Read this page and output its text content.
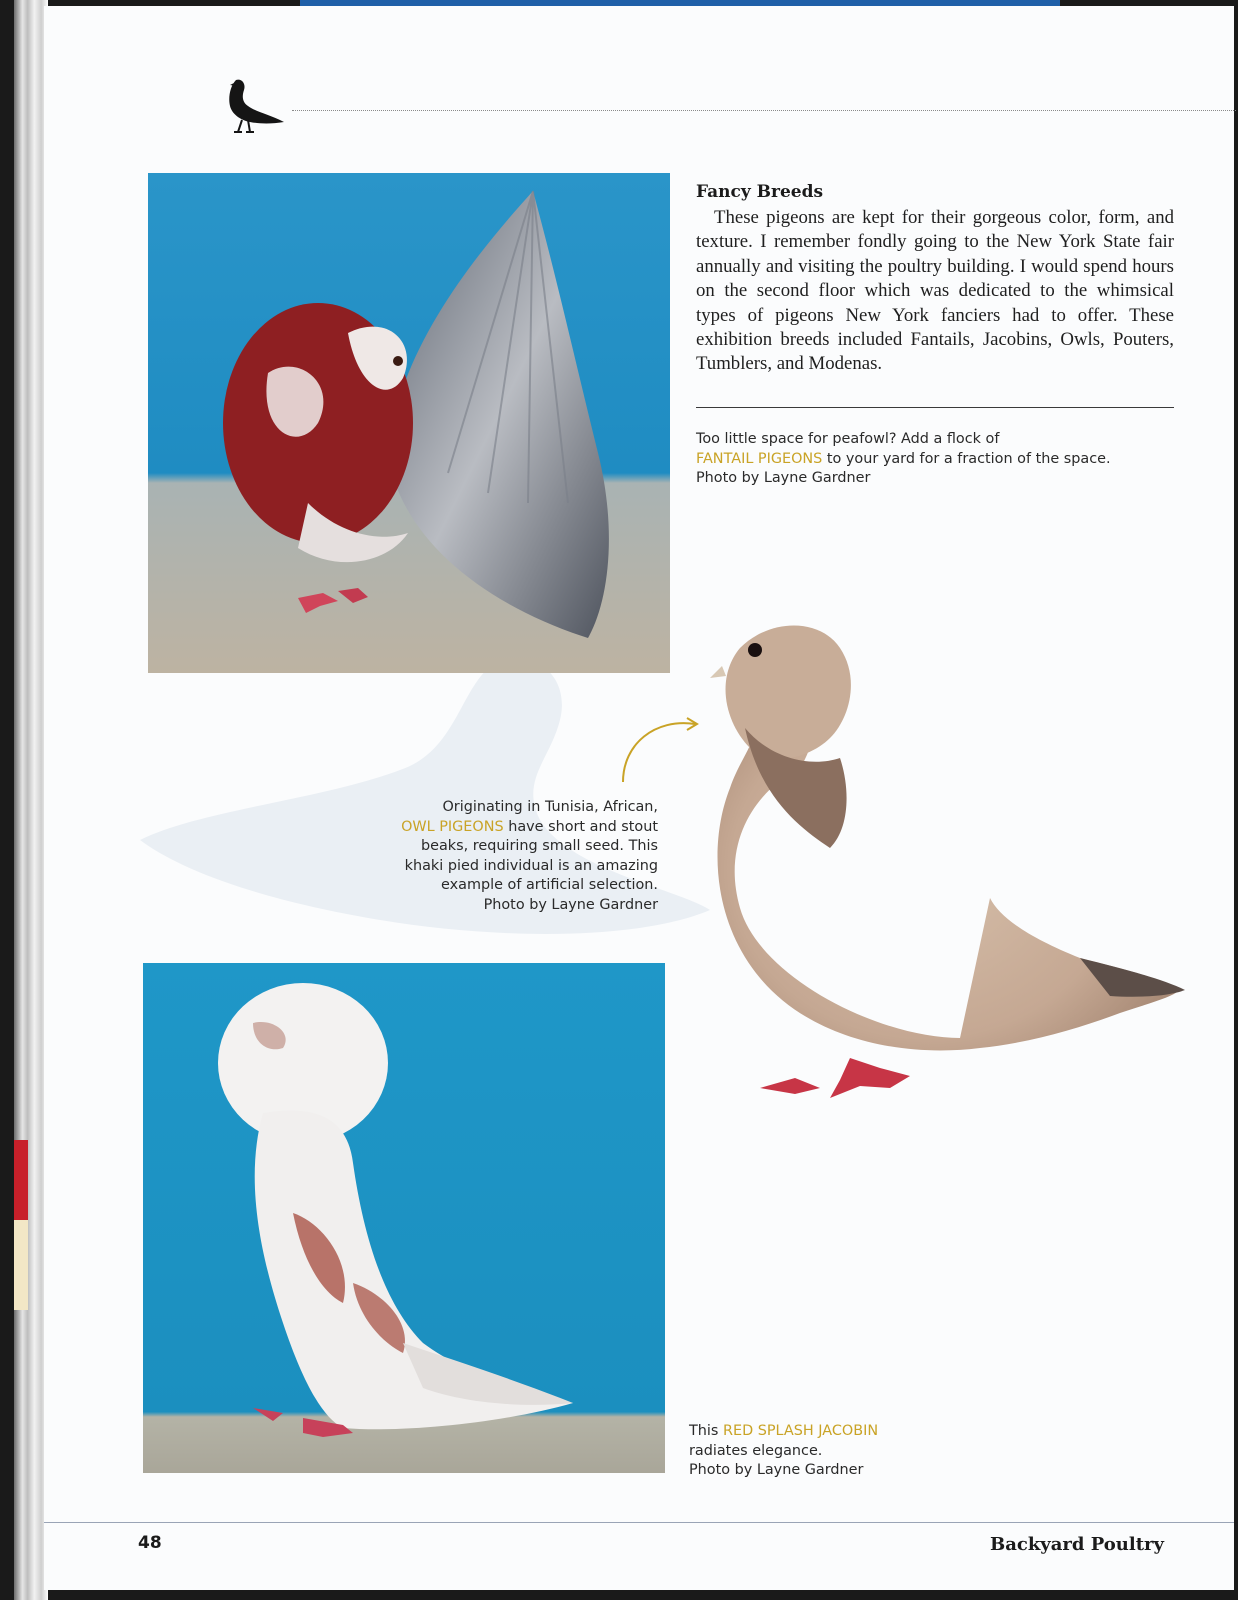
Fancy Breeds

These pigeons are kept for their gorgeous color, form, and texture. I remember fondly going to the New York State fair annually and visiting the poultry building. I would spend hours on the second floor which was dedicated to the whimsical types of pigeons New York fanciers had to offer. These exhibition breeds included Fantails, Jacobins, Owls, Pouters, Tumblers, and Modenas.

Too little space for peafowl? Add a flock of
FANTAIL PIGEONS to your yard for a fraction of the space.
Photo by Layne Gardner
Originating in Tunisia, African,
OWL PIGEONS have short and stout beaks, requiring small seed. This khaki pied individual is an amazing example of artificial selection.
Photo by Layne Gardner
This RED SPLASH JACOBIN
radiates elegance.
Photo by Layne Gardner
48	Backyard Poultry
